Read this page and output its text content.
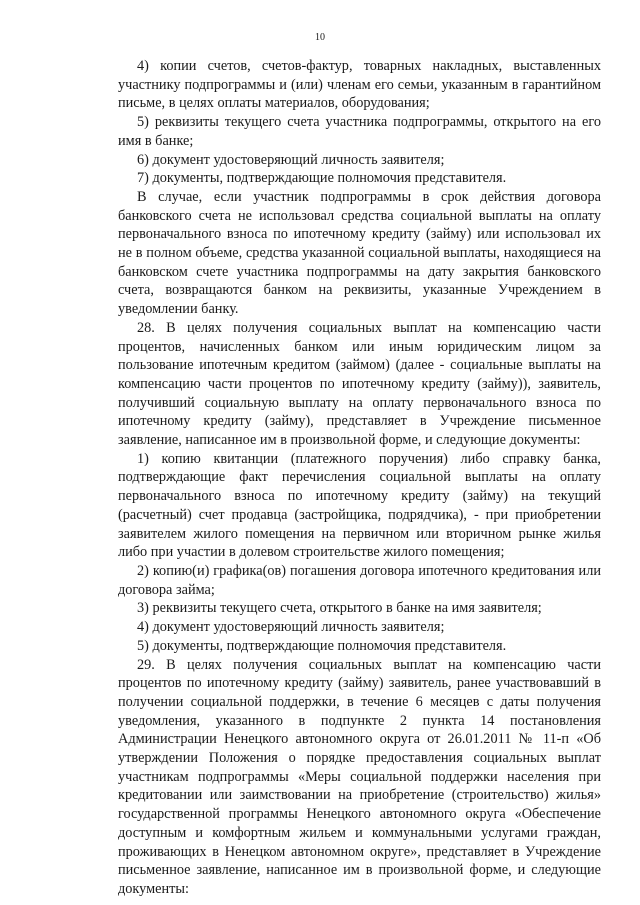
10

4) копии счетов, счетов-фактур, товарных накладных, выставленных участнику подпрограммы и (или) членам его семьи, указанным в гарантийном письме, в целях оплаты материалов, оборудования;

5) реквизиты текущего счета участника подпрограммы, открытого на его имя в банке;

6) документ удостоверяющий личность заявителя;

7) документы, подтверждающие полномочия представителя.

В случае, если участник подпрограммы в срок действия договора банковского счета не использовал средства социальной выплаты на оплату первоначального взноса по ипотечному кредиту (займу) или использовал их не в полном объеме, средства указанной социальной выплаты, находящиеся на банковском счете участника подпрограммы на дату закрытия банковского счета, возвращаются банком на реквизиты, указанные Учреждением в уведомлении банку.

28. В целях получения социальных выплат на компенсацию части процентов, начисленных банком или иным юридическим лицом за пользование ипотечным кредитом (займом) (далее - социальные выплаты на компенсацию части процентов по ипотечному кредиту (займу)), заявитель, получивший социальную выплату на оплату первоначального взноса по ипотечному кредиту (займу), представляет в Учреждение письменное заявление, написанное им в произвольной форме, и следующие документы:

1) копию квитанции (платежного поручения) либо справку банка, подтверждающие факт перечисления социальной выплаты на оплату первоначального взноса по ипотечному кредиту (займу) на текущий (расчетный) счет продавца (застройщика, подрядчика), - при приобретении заявителем жилого помещения на первичном или вторичном рынке жилья либо при участии в долевом строительстве жилого помещения;

2) копию(и) графика(ов) погашения договора ипотечного кредитования или договора займа;

3) реквизиты текущего счета, открытого в банке на имя заявителя;

4) документ удостоверяющий личность заявителя;

5) документы, подтверждающие полномочия представителя.

29. В целях получения социальных выплат на компенсацию части процентов по ипотечному кредиту (займу) заявитель, ранее участвовавший в получении социальной поддержки, в течение 6 месяцев с даты получения уведомления, указанного в подпункте 2 пункта 14 постановления Администрации Ненецкого автономного округа от 26.01.2011 № 11-п «Об утверждении Положения о порядке предоставления социальных выплат участникам подпрограммы «Меры социальной поддержки населения при кредитовании или заимствовании на приобретение (строительство) жилья» государственной программы Ненецкого автономного округа «Обеспечение доступным и комфортным жильем и коммунальными услугами граждан, проживающих в Ненецком автономном округе», представляет в Учреждение письменное заявление, написанное им в произвольной форме, и следующие документы:
